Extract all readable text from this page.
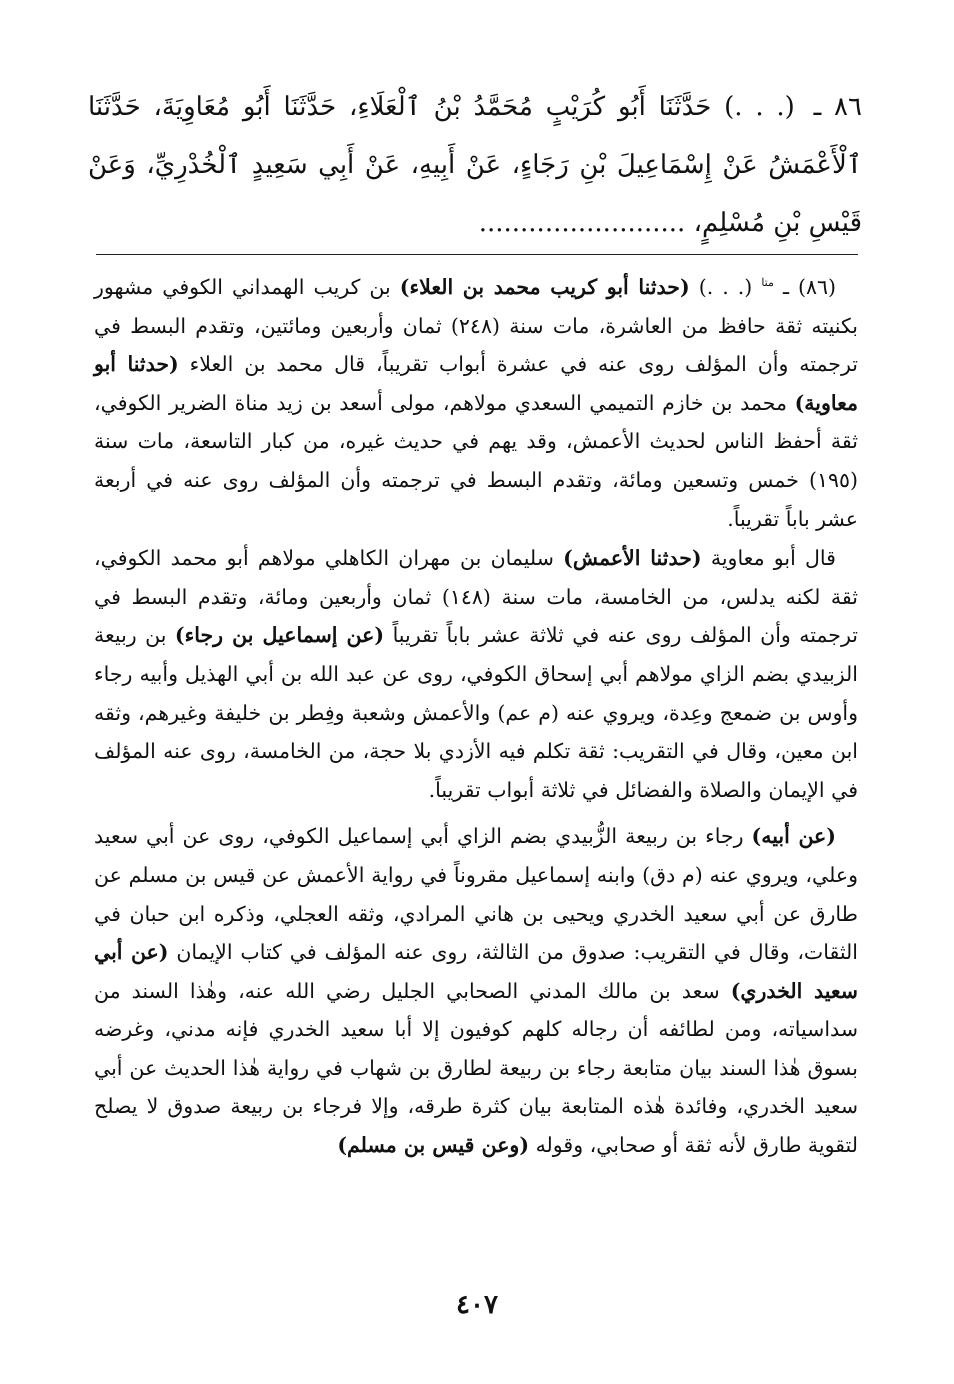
٨٦ ـ (. . .) حَدَّثَنَا أَبُو كُرَيْبٍ مُحَمَّدُ بْنُ ٱلْعَلَاءِ، حَدَّثَنَا أَبُو مُعَاوِيَةَ، حَدَّثَنَا ٱلْأَعْمَشُ عَنْ إِسْمَاعِيلَ بْنِ رَجَاءٍ، عَنْ أَبِيهِ، عَنْ أَبِي سَعِيدٍ ٱلْخُدْرِيِّ، وَعَنْ قَيْسِ بْنِ مُسْلِمٍ، .........................

(٨٦) ـ $^{متا}$ (. . .) (حدثنا أبو كريب محمد بن العلاء) بن كريب الهمداني الكوفي مشهور بكنيته ثقة حافظ من العاشرة، مات سنة (٢٤٨) ثمان وأربعين ومائتين، وتقدم البسط في ترجمته وأن المؤلف روى عنه في عشرة أبواب تقريباً، قال محمد بن العلاء (حدثنا أبو معاوية) محمد بن خازم التميمي السعدي مولاهم، مولى أسعد بن زيد مناة الضرير الكوفي، ثقة أحفظ الناس لحديث الأعمش، وقد يهم في حديث غيره، من كبار التاسعة، مات سنة (١٩٥) خمس وتسعين ومائة، وتقدم البسط في ترجمته وأن المؤلف روى عنه في أربعة عشر باباً تقريباً.

قال أبو معاوية (حدثنا الأعمش) سليمان بن مهران الكاهلي مولاهم أبو محمد الكوفي، ثقة لكنه يدلس، من الخامسة، مات سنة (١٤٨) ثمان وأربعين ومائة، وتقدم البسط في ترجمته وأن المؤلف روى عنه في ثلاثة عشر باباً تقريباً (عن إسماعيل بن رجاء) بن ربيعة الزبيدي بضم الزاي مولاهم أبي إسحاق الكوفي، روى عن عبد الله بن أبي الهذيل وأبيه رجاء وأوس بن ضمعج وعِدة، ويروي عنه (م عم) والأعمش وشعبة وفِطر بن خليفة وغيرهم، وثقه ابن معين، وقال في التقريب: ثقة تكلم فيه الأزدي بلا حجة، من الخامسة، روى عنه المؤلف في الإيمان والصلاة والفضائل في ثلاثة أبواب تقريباً.

(عن أبيه) رجاء بن ربيعة الزُّبيدي بضم الزاي أبي إسماعيل الكوفي، روى عن أبي سعيد وعلي، ويروي عنه (م دق) وابنه إسماعيل مقروناً في رواية الأعمش عن قيس بن مسلم عن طارق عن أبي سعيد الخدري ويحيى بن هاني المرادي، وثقه العجلي، وذكره ابن حبان في الثقات، وقال في التقريب: صدوق من الثالثة، روى عنه المؤلف في كتاب الإيمان (عن أبي سعيد الخدري) سعد بن مالك المدني الصحابي الجليل رضي الله عنه، وهٰذا السند من سداسياته، ومن لطائفه أن رجاله كلهم كوفيون إلا أبا سعيد الخدري فإنه مدني، وغرضه بسوق هٰذا السند بيان متابعة رجاء بن ربيعة لطارق بن شهاب في رواية هٰذا الحديث عن أبي سعيد الخدري، وفائدة هٰذه المتابعة بيان كثرة طرقه، وإلا فرجاء بن ربيعة صدوق لا يصلح لتقوية طارق لأنه ثقة أو صحابي، وقوله (وعن قيس بن مسلم)

٤٠٧
